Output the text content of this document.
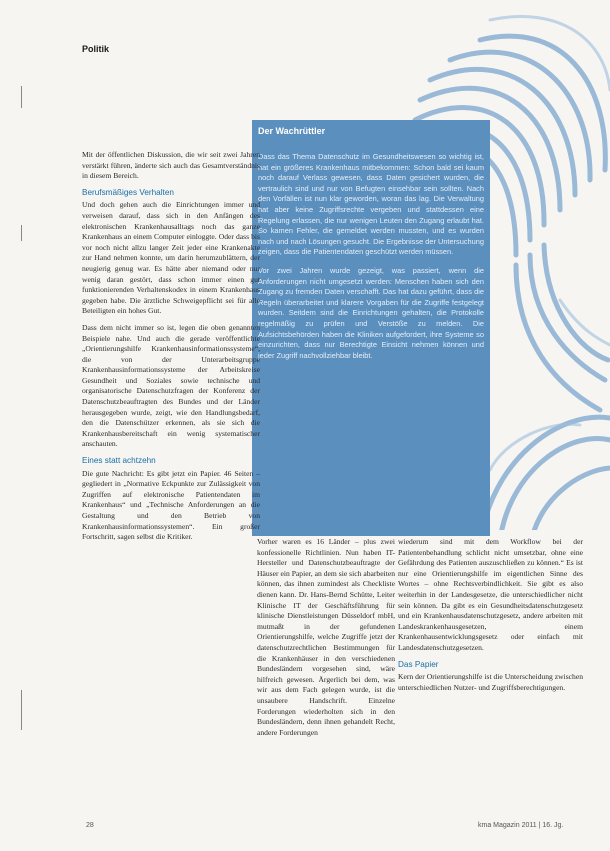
Politik
Der Wachrüttler

Dass das Thema Datenschutz im Gesundheitswesen so wichtig ist, hat ein größeres Krankenhaus mitbekommen: Schon bald sei kaum noch darauf Verlass gewesen, dass Daten gesichert wurden, die vertraulich sind und nur von Befugten einsehbar sein sollten. Nach den Vorfällen ist nun klar geworden, woran das lag. Die Verwaltung hat aber keine Zugriffsrechte vergeben und stattdessen eine Regelung erlassen, die nur wenigen Leuten den Zugang erlaubt hat. So kamen Fehler, die gemeldet werden mussten, und es wurden nach und nach Lösungen gesucht. Die Ergebnisse der Untersuchung zeigen, dass die Patientendaten geschützt werden müssen.

Vor zwei Jahren wurde gezeigt, was passiert, wenn die Anforderungen nicht umgesetzt werden: Menschen haben sich den Zugang zu fremden Daten verschafft. Das hat dazu geführt, dass die Regeln überarbeitet und klarere Vorgaben für die Zugriffe festgelegt wurden. Seitdem sind die Einrichtungen gehalten, die Protokolle regelmäßig zu prüfen und Verstöße zu melden. Die Aufsichtsbehörden haben die Kliniken aufgefordert, ihre Systeme so einzurichten, dass nur Berechtigte Einsicht nehmen können und jeder Zugriff nachvollziehbar bleibt.

Mit der öffentlichen Diskussion, die wir seit zwei Jahren verstärkt führen, änderte sich auch das Gesamtverständnis in diesem Bereich.

Berufsmäßiges Verhalten

Und doch gehen auch die Einrichtungen immer und verweisen darauf, dass sich in den Anfängen des elektronischen Krankenhausalltags noch das ganze Krankenhaus an einem Computer einloggte. Oder dass bis vor noch nicht allzu langer Zeit jeder eine Krankenakte zur Hand nehmen konnte, um darin herumzublättern, der neugierig genug war. Es hätte aber niemand oder nur wenig daran gestört, dass schon immer einen gut funktionierenden Verhaltenskodex in einem Krankenhaus gegeben habe. Die ärztliche Schweigepflicht sei für alle Beteiligten ein hohes Gut.

Dass dem nicht immer so ist, legen die oben genannten Beispiele nahe. Und auch die gerade veröffentlichte „Orientierungshilfe Krankenhausinformationssysteme“, die von der Unterarbeitsgruppe Krankenhausinformationssysteme der Arbeitskreise Gesundheit und Soziales sowie technische und organisatorische Datenschutzfragen der Konferenz der Datenschutzbeauftragten des Bundes und der Länder herausgegeben wurde, zeigt, wie den Handlungsbedarf, den die Datenschützer erkennen, als sie sich die Krankenhausbereitschaft ein wenig systematischer anschauten.

Eines statt achtzehn

Die gute Nachricht: Es gibt jetzt ein Papier. 46 Seiten – gegliedert in „Normative Eckpunkte zur Zulässigkeit von Zugriffen auf elektronische Patientendaten im Krankenhaus“ und „Technische Anforderungen an die Gestaltung und den Betrieb von Krankenhausinformationssystemen“. Ein großer Fortschritt, sagen selbst die Kritiker.

Vorher waren es 16 Länder – plus zwei konfessionelle Richtlinien. Nun haben IT-Hersteller und Datenschutzbeauftragte der Häuser ein Papier, an dem sie sich abarbeiten können, das ihnen zumindest als Checkliste dienen kann. Dr. Hans-Bernd Schütte, Leiter Klinische IT der Geschäftsführung für klinische Dienstleistungen Düsseldorf mbH, mutmaßt in der gefundenen Orientierungshilfe, welche Zugriffe jetzt der datenschutzrechtlichen Bestimmungen für die Krankenhäuser in den verschiedenen Bundesländern vorgesehen sind, wäre hilfreich gewesen. Ärgerlich bei dem, was wir aus dem Fach gelegen wurde, ist die unsaubere Handschrift. Einzelne Forderungen wiederholten sich in den Bundesländern, denn ihnen gehandelt Recht, andere Forderungen

wiederum sind mit dem Workflow bei der Patientenbehandlung schlicht nicht umsetzbar, ohne eine Gefährdung des Patienten auszuschließen zu können.“ Es ist nur eine Orientierungshilfe im eigentlichen Sinne des Wortes – ohne Rechtsverbindlichkeit. Sie gibt es also weiterhin in der Landesgesetze, die unterschiedlicher nicht sein können. Da gibt es ein Gesundheitsdatenschutzgesetz und ein Krankenhausdatenschutzgesetz, andere arbeiten mit Landeskrankenhausgesetzen, einem Krankenhausentwicklungsgesetz oder einfach mit Landesdatenschutzgesetzen.

Das Papier

Kern der Orientierungshilfe ist die Unterscheidung zwischen unterschiedlichen Nutzer- und Zugriffsberechtigungen.

28	kma Magazin 2011 | 16. Jg.
